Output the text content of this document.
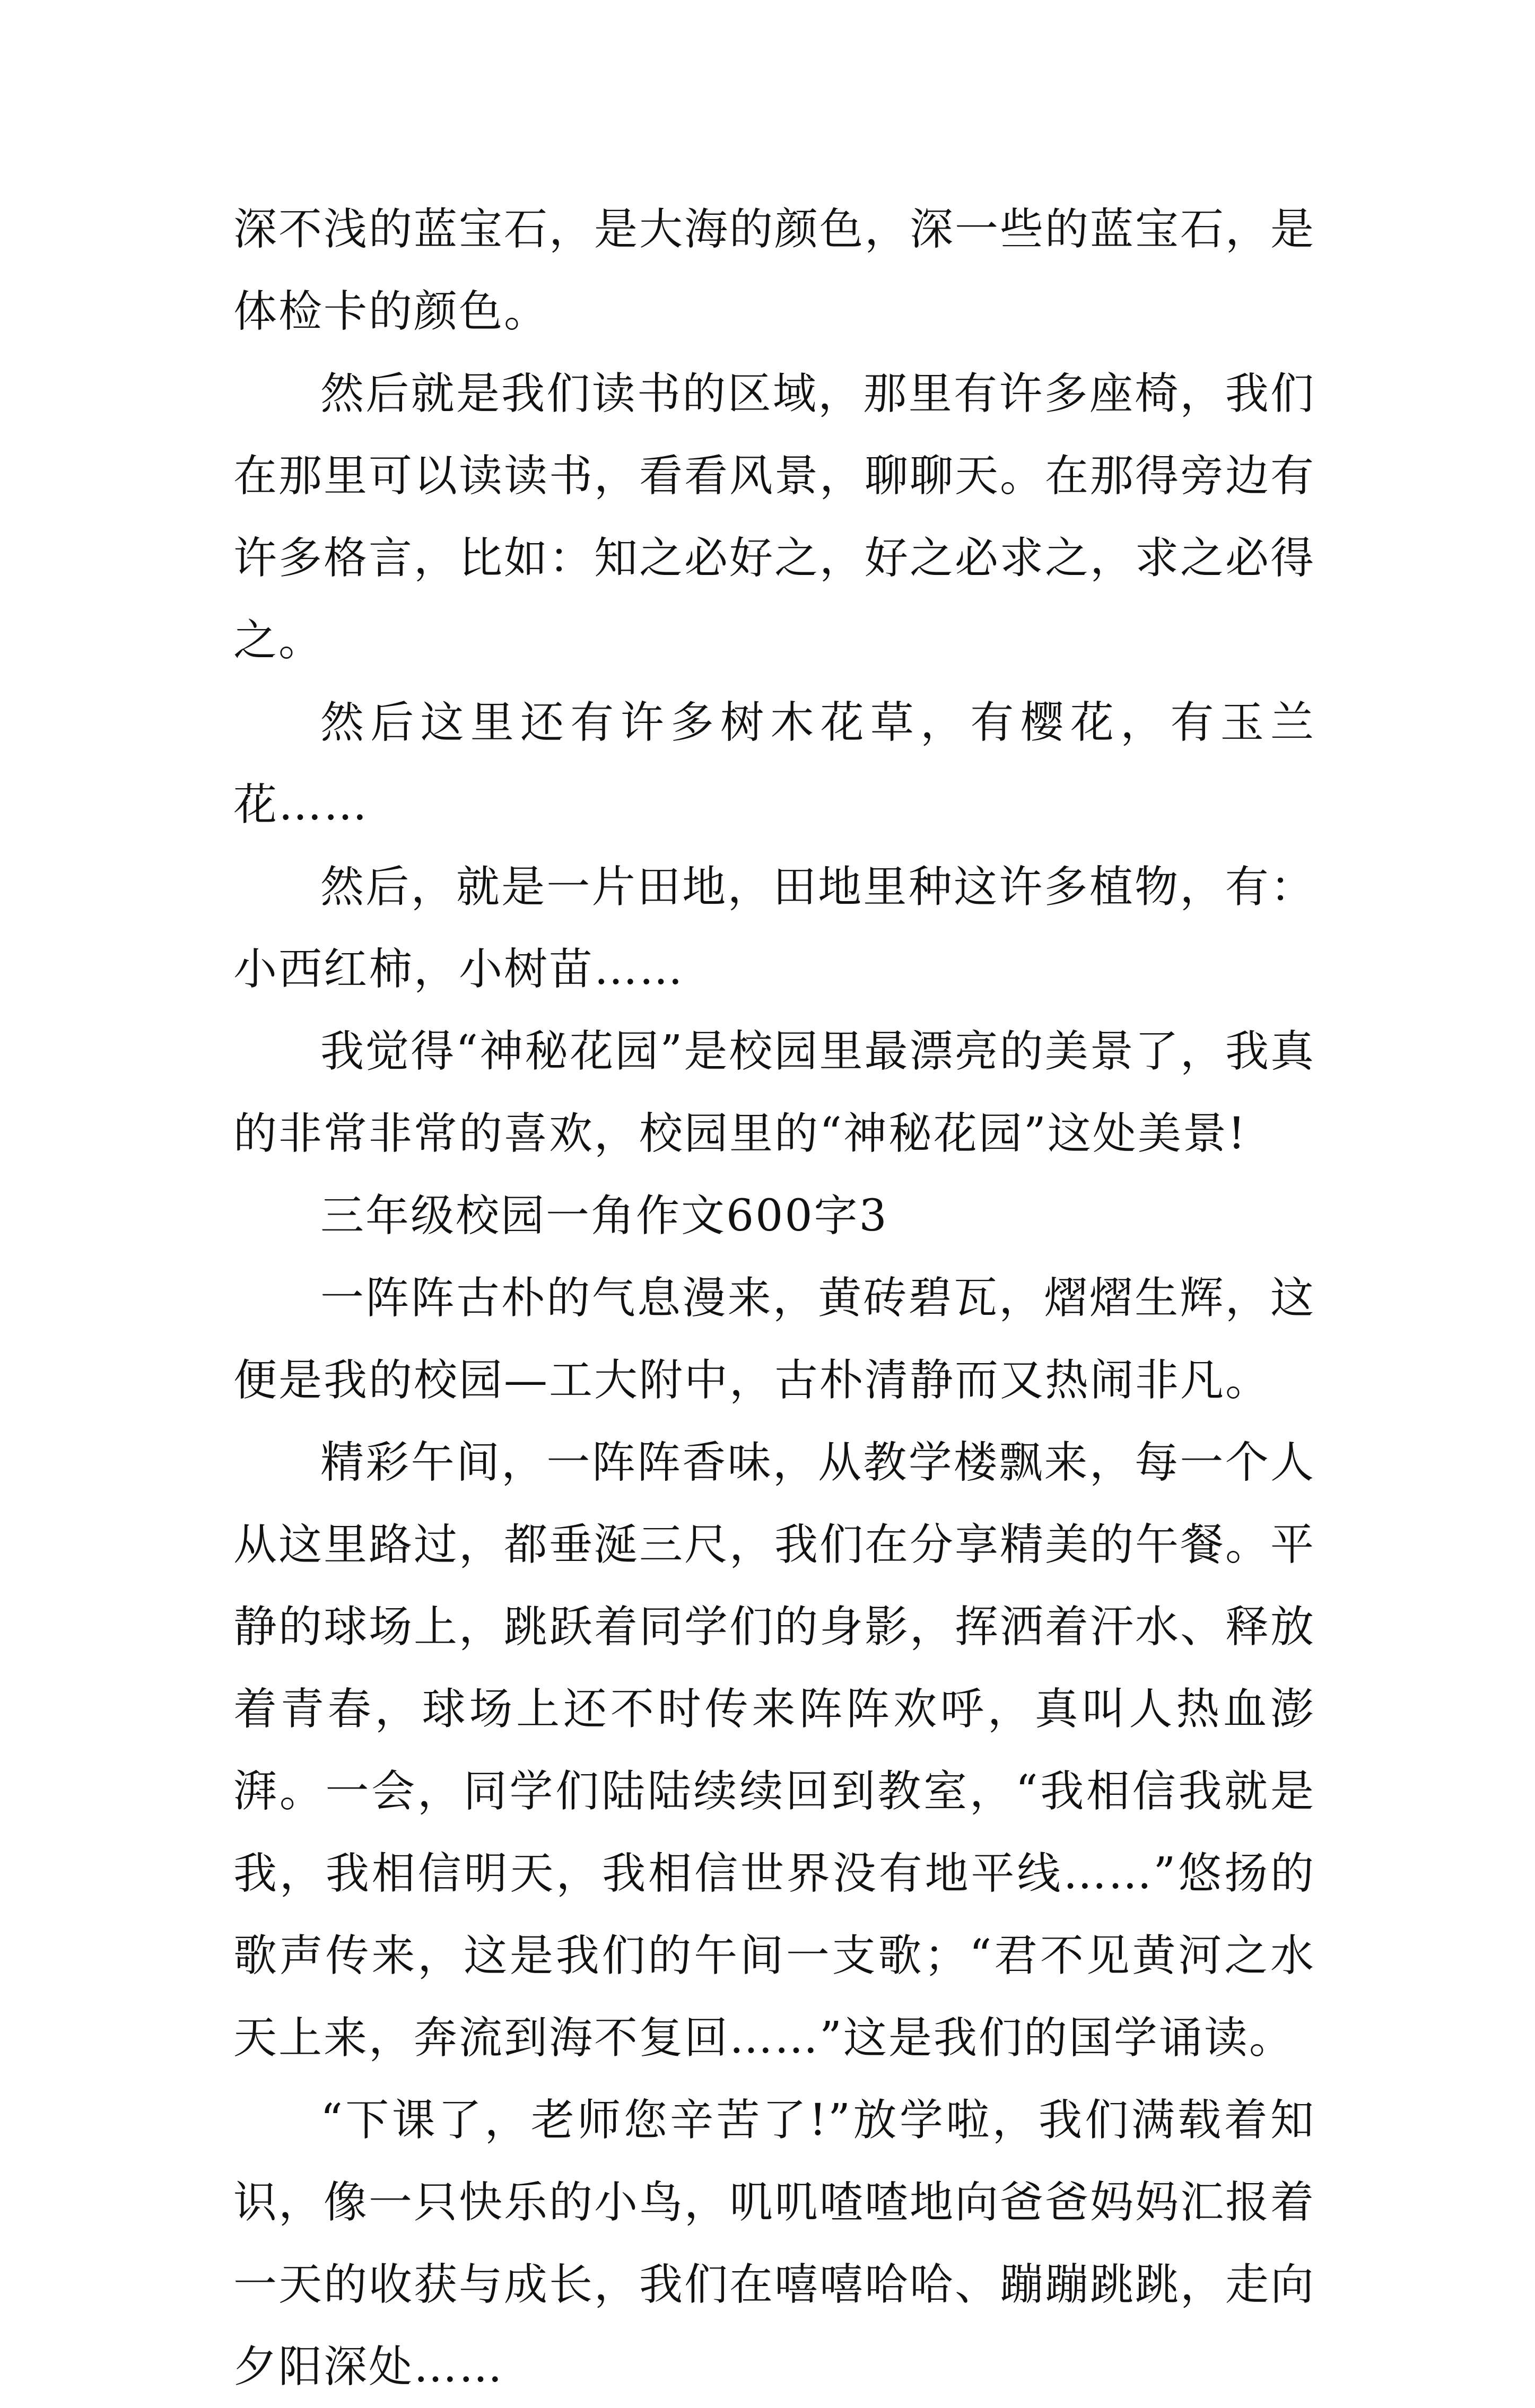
深不浅的蓝宝石，是大海的颜色，深一些的蓝宝石，是体检卡的颜色。

然后就是我们读书的区域，那里有许多座椅，我们在那里可以读读书，看看风景，聊聊天。在那得旁边有许多格言，比如：知之必好之，好之必求之，求之必得之。

然后这里还有许多树木花草，有樱花，有玉兰花……

然后，就是一片田地，田地里种这许多植物，有：小西红柿，小树苗……

我觉得“神秘花园”是校园里最漂亮的美景了，我真的非常非常的喜欢，校园里的“神秘花园”这处美景!

三年级校园一角作文600字3

一阵阵古朴的气息漫来，黄砖碧瓦，熠熠生辉，这便是我的校园—工大附中，古朴清静而又热闹非凡。

精彩午间，一阵阵香味，从教学楼飘来，每一个人从这里路过，都垂涎三尺，我们在分享精美的午餐。平静的球场上，跳跃着同学们的身影，挥洒着汗水、释放着青春，球场上还不时传来阵阵欢呼，真叫人热血澎湃。一会，同学们陆陆续续回到教室，“我相信我就是我，我相信明天，我相信世界没有地平线……”悠扬的歌声传来，这是我们的午间一支歌；“君不见黄河之水天上来，奔流到海不复回……”这是我们的国学诵读。

“下课了，老师您辛苦了!”放学啦，我们满载着知识，像一只快乐的小鸟，叽叽喳喳地向爸爸妈妈汇报着一天的收获与成长，我们在嘻嘻哈哈、蹦蹦跳跳，走向夕阳深处……
